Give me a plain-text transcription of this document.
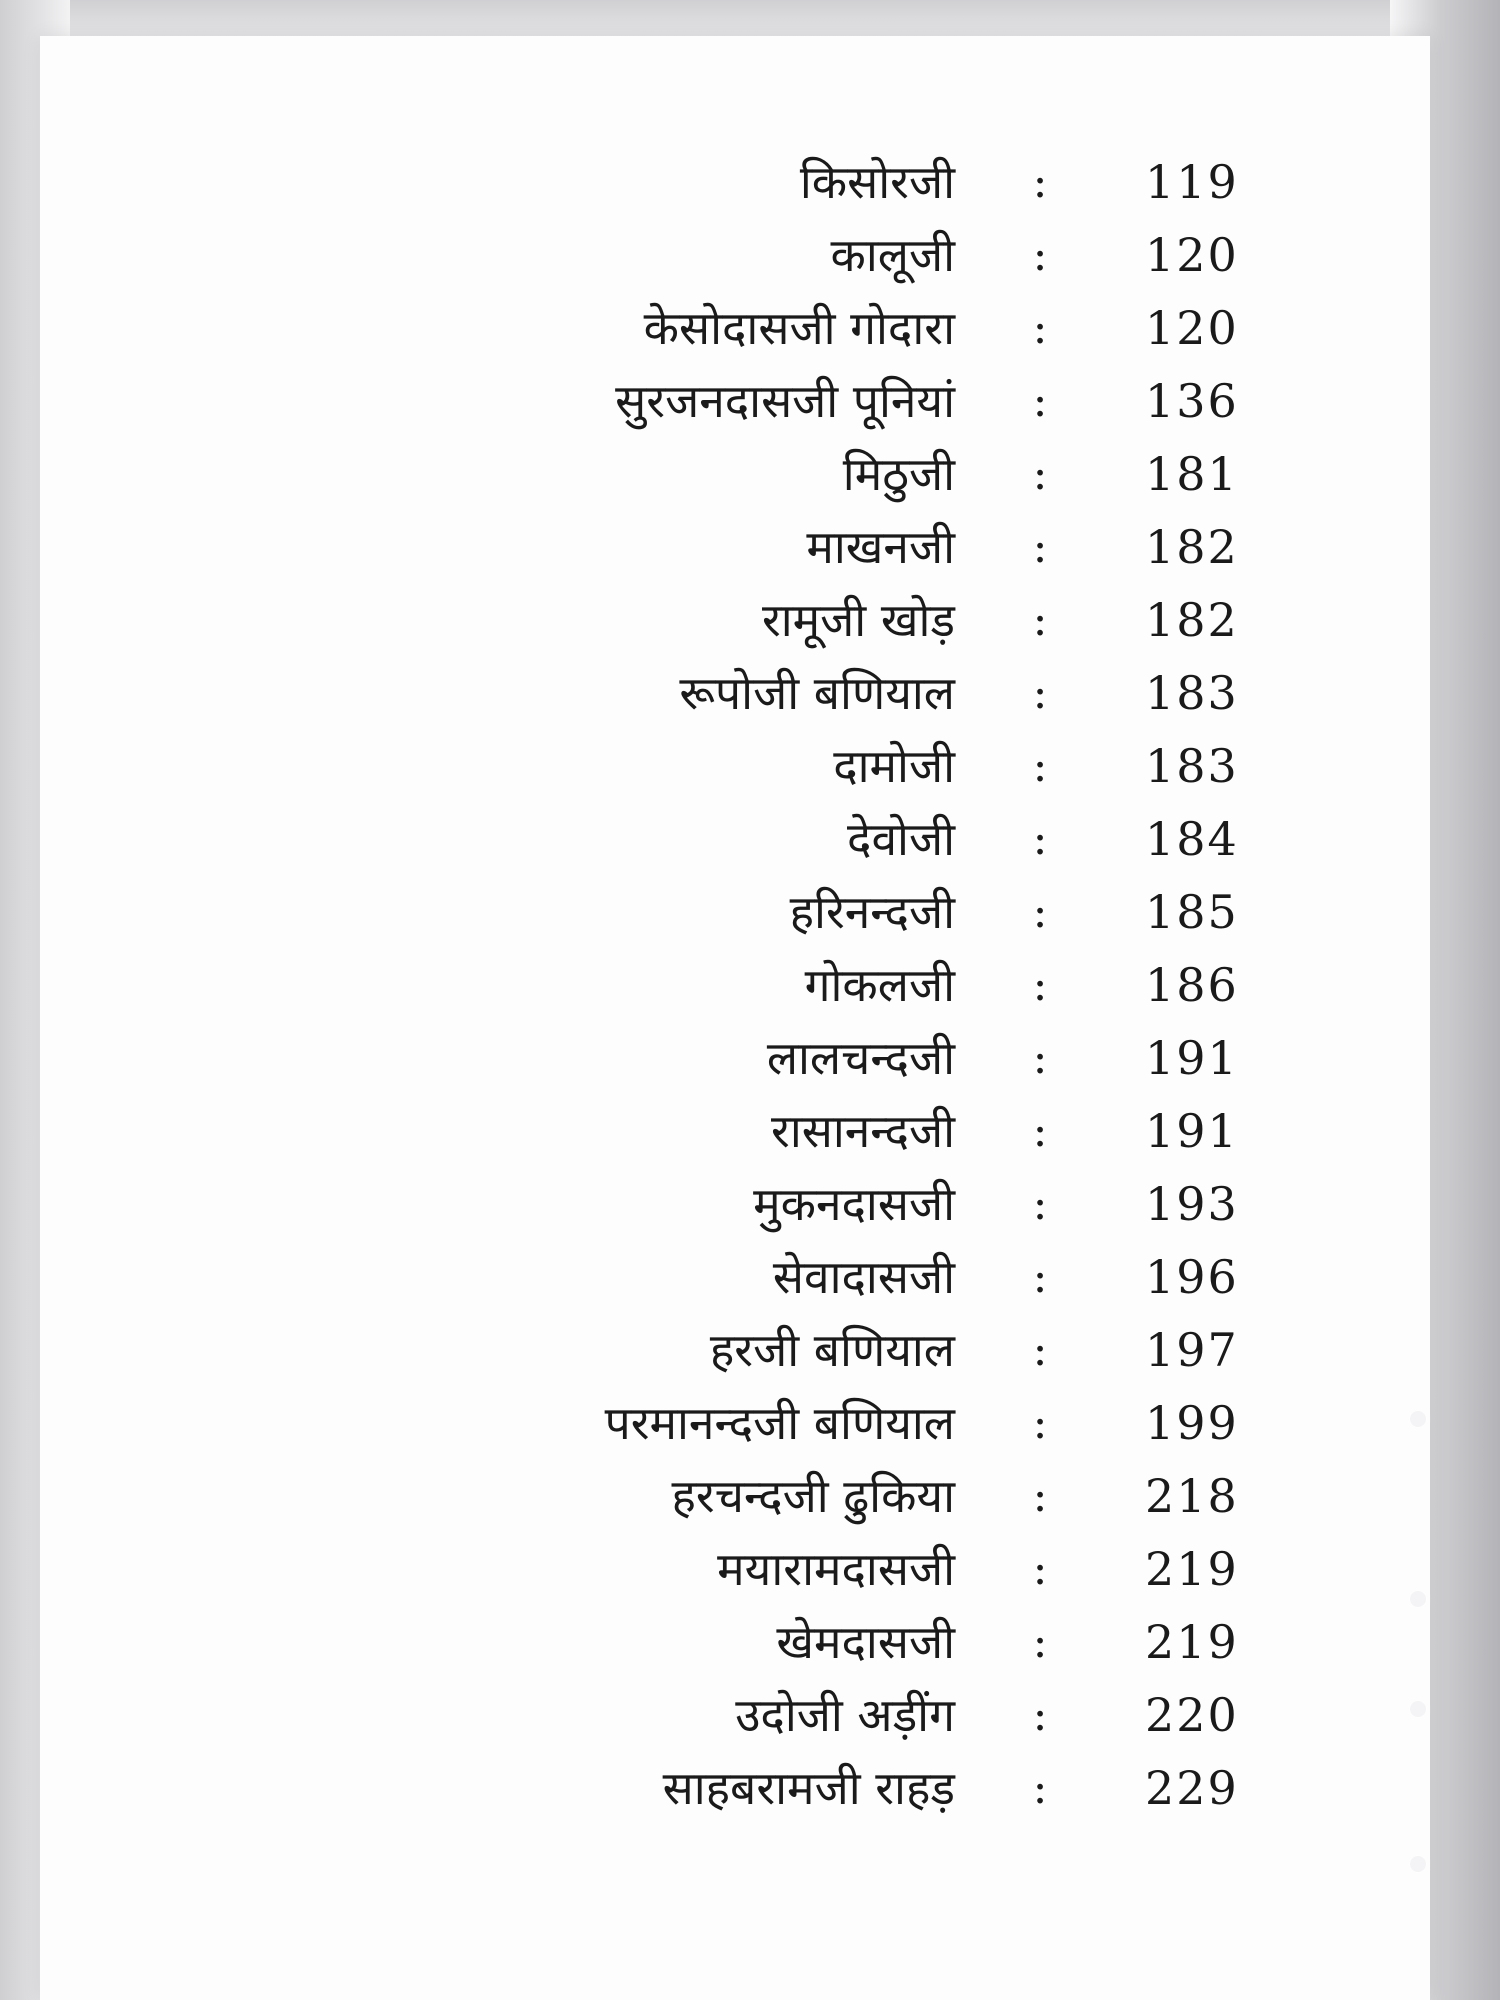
किसोरजी : 119
कालूजी : 120
केसोदासजी गोदारा : 120
सुरजनदासजी पूनियां : 136
मिठुजी : 181
माखनजी : 182
रामूजी खोड़ : 182
रूपोजी बणियाल : 183
दामोजी : 183
देवोजी : 184
हरिनन्दजी : 185
गोकलजी : 186
लालचन्दजी : 191
रासानन्दजी : 191
मुकनदासजी : 193
सेवादासजी : 196
हरजी बणियाल : 197
परमानन्दजी बणियाल : 199
हरचन्दजी ढुकिया : 218
मयारामदासजी : 219
खेमदासजी : 219
उदोजी अड़ींग : 220
साहबरामजी राहड़ : 229
